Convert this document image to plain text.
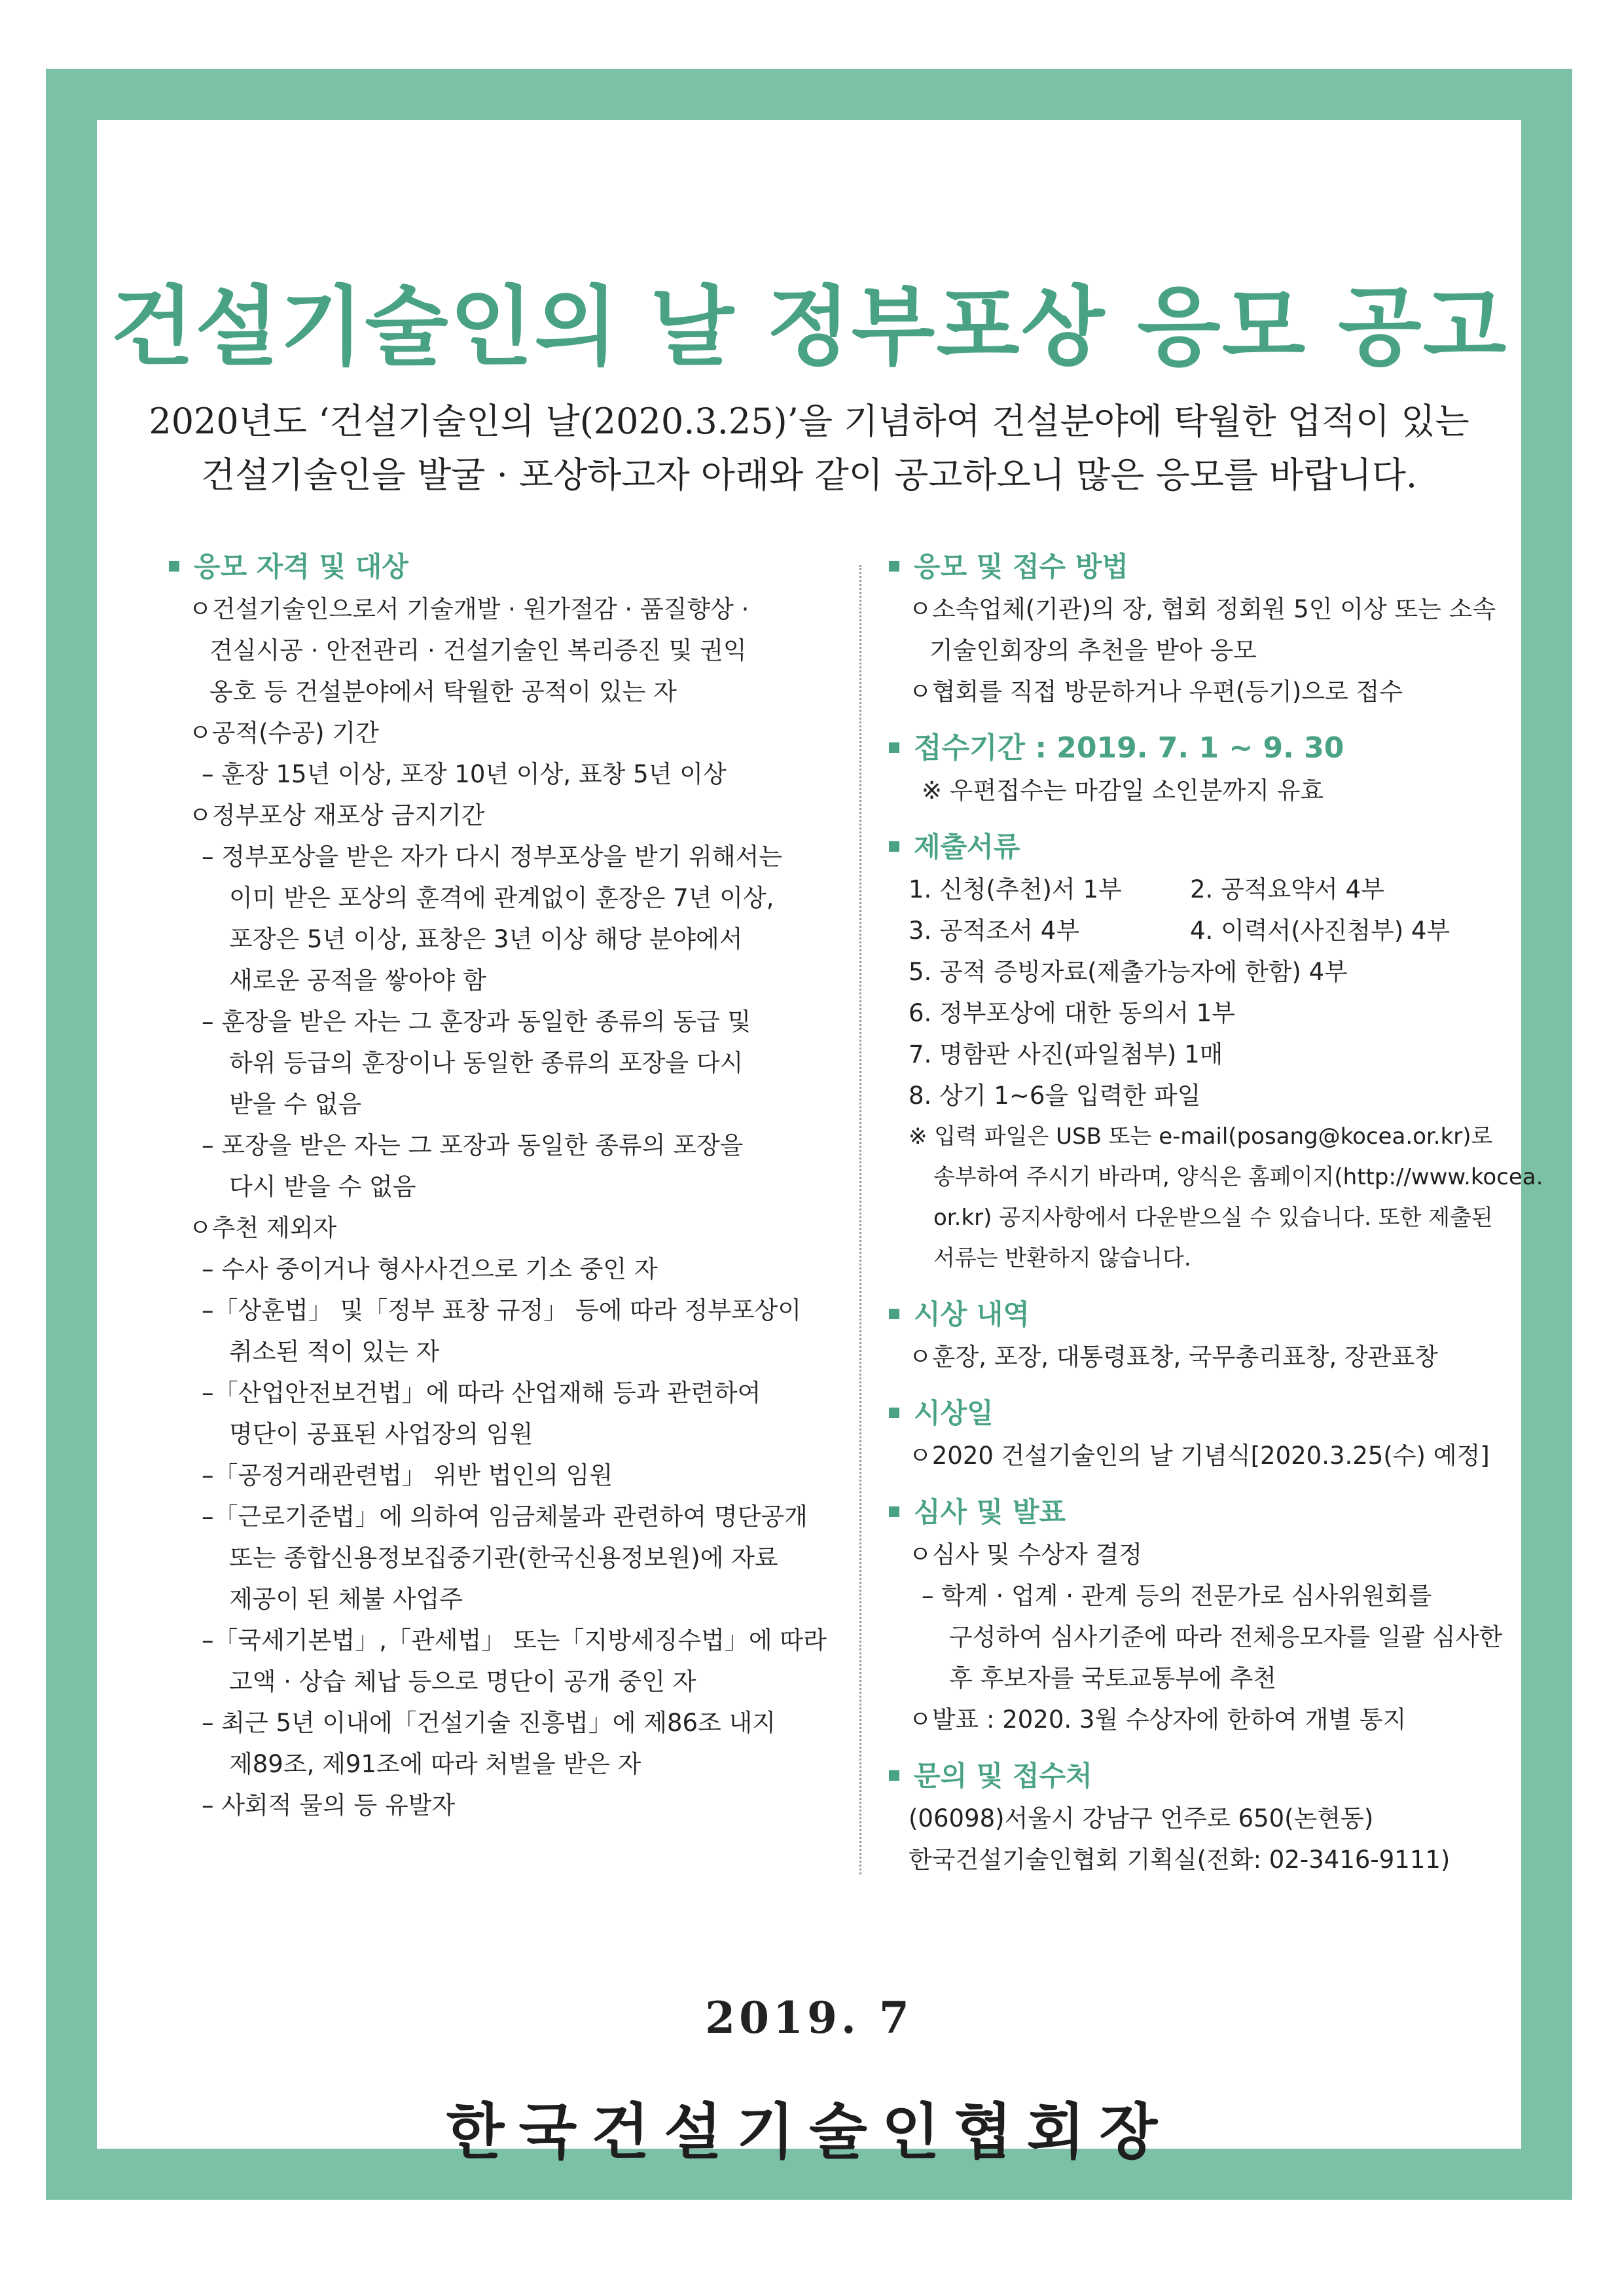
건설기술인의 날 정부포상 응모 공고
2020년도 ‘건설기술인의 날(2020.3.25)’을 기념하여 건설분야에 탁월한 업적이 있는
건설기술인을 발굴 · 포상하고자 아래와 같이 공고하오니 많은 응모를 바랍니다.
응모 자격 및 대상
ㅇ건설기술인으로서 기술개발 · 원가절감 · 품질향상 ·
견실시공 · 안전관리 · 건설기술인 복리증진 및 권익
옹호 등 건설분야에서 탁월한 공적이 있는 자
ㅇ공적(수공) 기간
– 훈장 15년 이상, 포장 10년 이상, 표창 5년 이상
ㅇ정부포상 재포상 금지기간
– 정부포상을 받은 자가 다시 정부포상을 받기 위해서는
이미 받은 포상의 훈격에 관계없이 훈장은 7년 이상,
포장은 5년 이상, 표창은 3년 이상 해당 분야에서
새로운 공적을 쌓아야 함
– 훈장을 받은 자는 그 훈장과 동일한 종류의 동급 및
하위 등급의 훈장이나 동일한 종류의 포장을 다시
받을 수 없음
– 포장을 받은 자는 그 포장과 동일한 종류의 포장을
다시 받을 수 없음
ㅇ추천 제외자
– 수사 중이거나 형사사건으로 기소 중인 자
–「상훈법」 및「정부 표창 규정」 등에 따라 정부포상이
취소된 적이 있는 자
–「산업안전보건법」에 따라 산업재해 등과 관련하여
명단이 공표된 사업장의 임원
–「공정거래관련법」 위반 법인의 임원
–「근로기준법」에 의하여 임금체불과 관련하여 명단공개
또는 종합신용정보집중기관(한국신용정보원)에 자료
제공이 된 체불 사업주
–「국세기본법」,「관세법」 또는「지방세징수법」에 따라
고액 · 상습 체납 등으로 명단이 공개 중인 자
– 최근 5년 이내에「건설기술 진흥법」에 제86조 내지
제89조, 제91조에 따라 처벌을 받은 자
– 사회적 물의 등 유발자
응모 및 접수 방법
ㅇ소속업체(기관)의 장, 협회 정회원 5인 이상 또는 소속
기술인회장의 추천을 받아 응모
ㅇ협회를 직접 방문하거나 우편(등기)으로 접수
접수기간 : 2019. 7. 1 ~ 9. 30
※ 우편접수는 마감일 소인분까지 유효
제출서류
1. 신청(추천)서 1부	2. 공적요약서 4부
3. 공적조서 4부	4. 이력서(사진첨부) 4부
5. 공적 증빙자료(제출가능자에 한함) 4부
6. 정부포상에 대한 동의서 1부
7. 명함판 사진(파일첨부) 1매
8. 상기 1~6을 입력한 파일
※ 입력 파일은 USB 또는 e-mail(posang@kocea.or.kr)로
송부하여 주시기 바라며, 양식은 홈페이지(http://www.kocea.
or.kr) 공지사항에서 다운받으실 수 있습니다. 또한 제출된
서류는 반환하지 않습니다.
시상 내역
ㅇ훈장, 포장, 대통령표창, 국무총리표창, 장관표창
시상일
ㅇ2020 건설기술인의 날 기념식[2020.3.25(수) 예정]
심사 및 발표
ㅇ심사 및 수상자 결정
– 학계 · 업계 · 관계 등의 전문가로 심사위원회를
구성하여 심사기준에 따라 전체응모자를 일괄 심사한
후 후보자를 국토교통부에 추천
ㅇ발표 : 2020. 3월 수상자에 한하여 개별 통지
문의 및 접수처
(06098)서울시 강남구 언주로 650(논현동)
한국건설기술인협회 기획실(전화: 02-3416-9111)
2019. 7
한국건설기술인협회장
